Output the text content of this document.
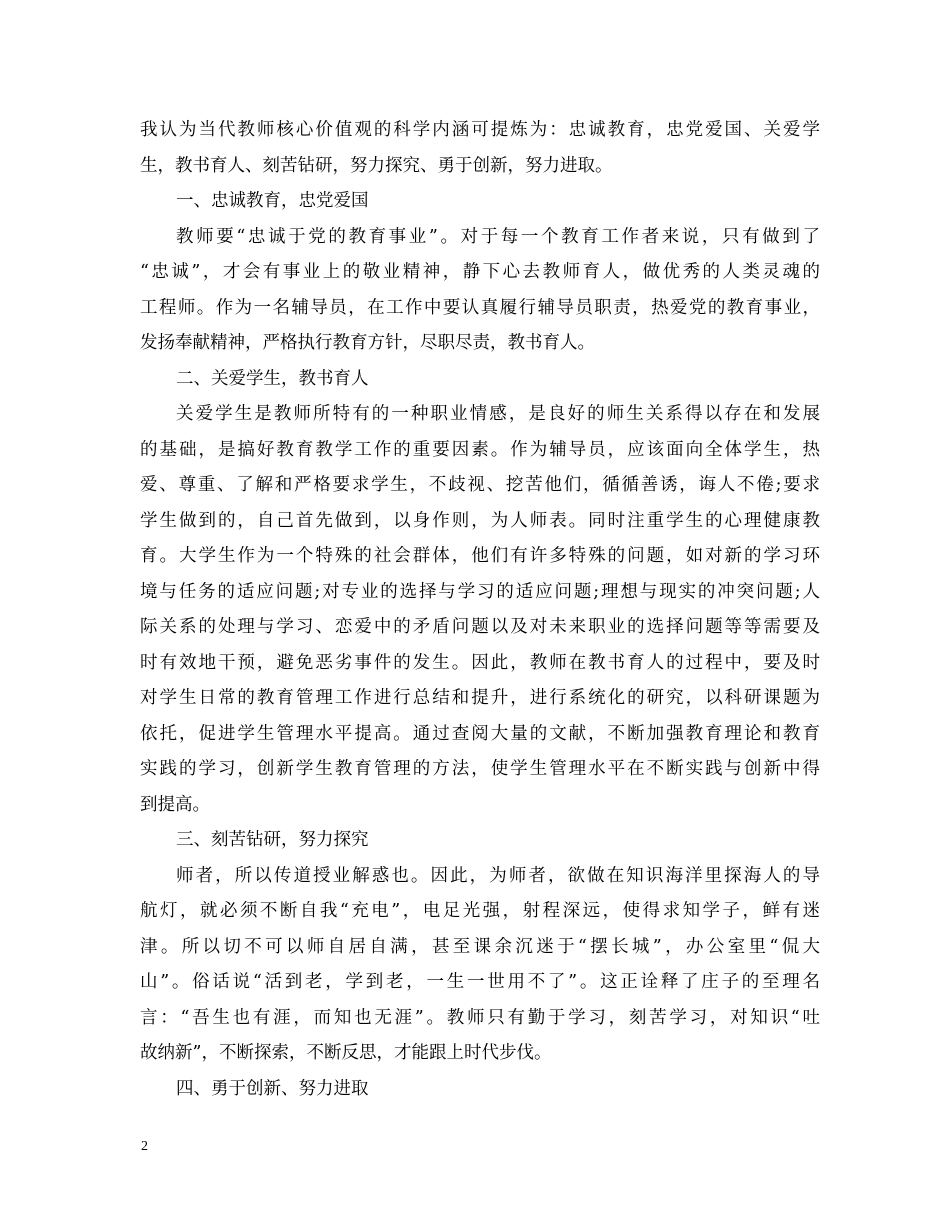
我认为当代教师核心价值观的科学内涵可提炼为：忠诚教育，忠党爱国、关爱学
生，教书育人、刻苦钻研，努力探究、勇于创新，努力进取。
一、忠诚教育，忠党爱国
教师要“忠诚于党的教育事业”。对于每一个教育工作者来说，只有做到了
“忠诚”，才会有事业上的敬业精神，静下心去教师育人，做优秀的人类灵魂的
工程师。作为一名辅导员，在工作中要认真履行辅导员职责，热爱党的教育事业，
发扬奉献精神，严格执行教育方针，尽职尽责，教书育人。
二、关爱学生，教书育人
关爱学生是教师所特有的一种职业情感，是良好的师生关系得以存在和发展
的基础，是搞好教育教学工作的重要因素。作为辅导员，应该面向全体学生，热
爱、尊重、了解和严格要求学生，不歧视、挖苦他们，循循善诱，诲人不倦;要求
学生做到的，自己首先做到，以身作则，为人师表。同时注重学生的心理健康教
育。大学生作为一个特殊的社会群体，他们有许多特殊的问题，如对新的学习环
境与任务的适应问题;对专业的选择与学习的适应问题;理想与现实的冲突问题;人
际关系的处理与学习、恋爱中的矛盾问题以及对未来职业的选择问题等等需要及
时有效地干预，避免恶劣事件的发生。因此，教师在教书育人的过程中，要及时
对学生日常的教育管理工作进行总结和提升，进行系统化的研究，以科研课题为
依托，促进学生管理水平提高。通过查阅大量的文献，不断加强教育理论和教育
实践的学习，创新学生教育管理的方法，使学生管理水平在不断实践与创新中得
到提高。
三、刻苦钻研，努力探究
师者，所以传道授业解惑也。因此，为师者，欲做在知识海洋里探海人的导
航灯，就必须不断自我“充电”，电足光强，射程深远，使得求知学子，鲜有迷
津。所以切不可以师自居自满，甚至课余沉迷于“摆长城”，办公室里“侃大
山”。俗话说“活到老，学到老，一生一世用不了”。这正诠释了庄子的至理名
言：“吾生也有涯，而知也无涯”。教师只有勤于学习，刻苦学习，对知识“吐
故纳新”，不断探索，不断反思，才能跟上时代步伐。
四、勇于创新、努力进取
2
